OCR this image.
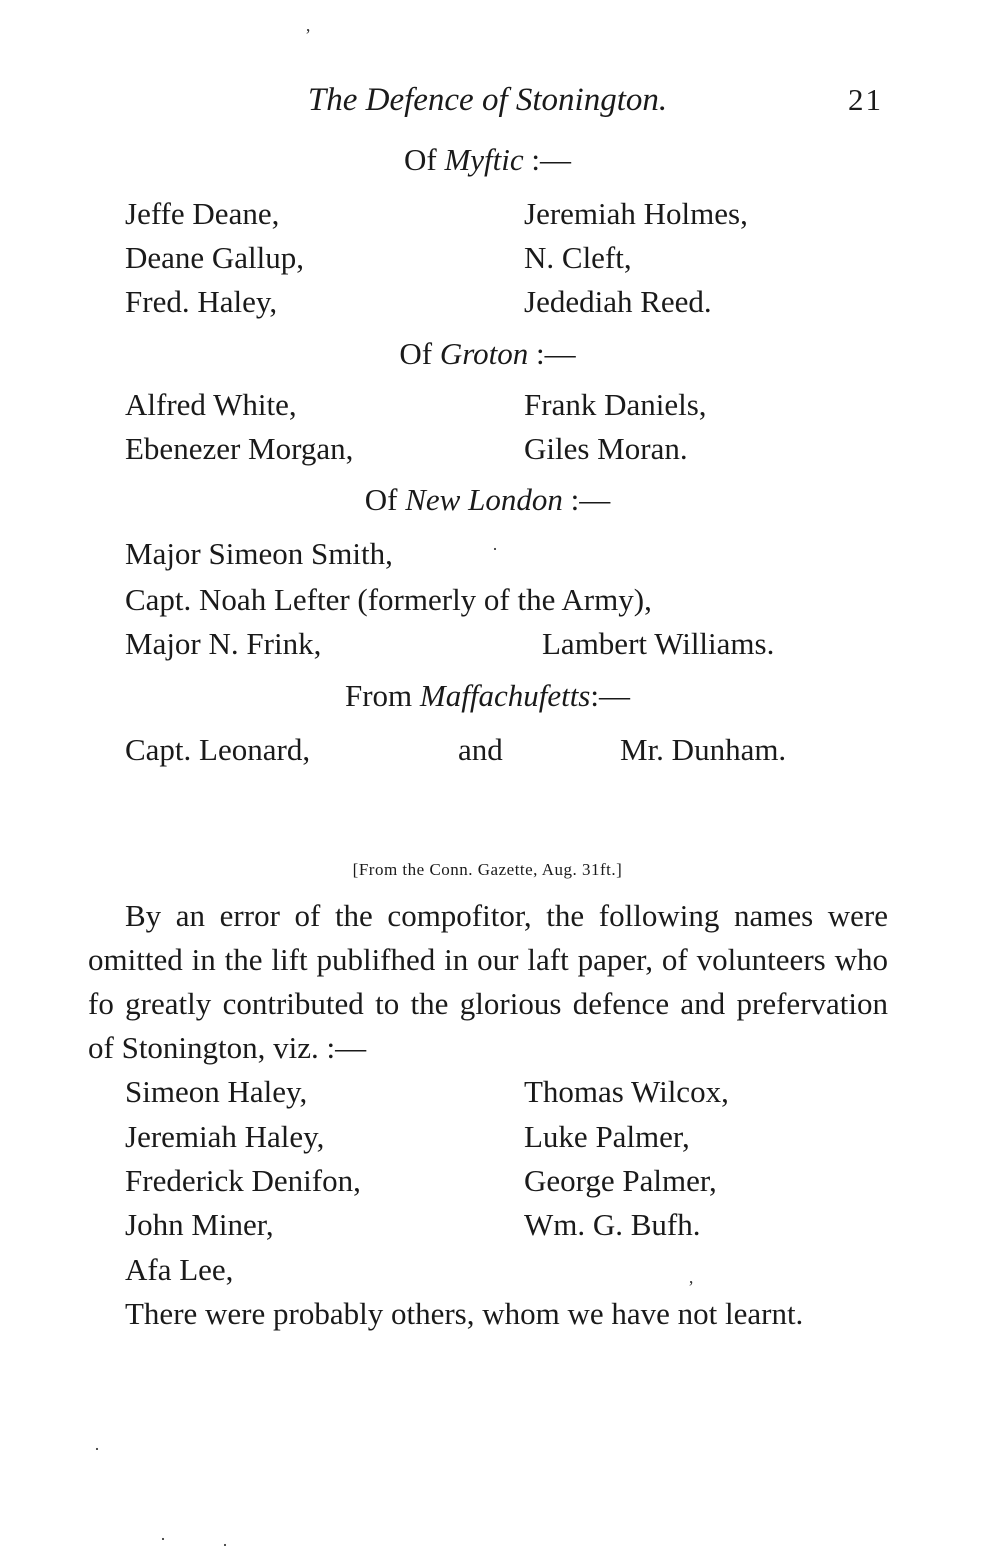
The Defence of Stonington.	21
Of Myftic :—
Jeffe Deane,	Jeremiah Holmes,
Deane Gallup,	N. Cleft,
Fred. Haley,	Jedediah Reed.
Of Groton :—
Alfred White,	Frank Daniels,
Ebenezer Morgan,	Giles Moran.
Of New London :—
Major Simeon Smith,
Capt. Noah Lefter (formerly of the Army),
Major N. Frink,	Lambert Williams.
From Maffachufetts:—
Capt. Leonard,	and	Mr. Dunham.
[From the Conn. Gazette, Aug. 31ft.]

By an error of the compofitor, the following names were omitted in the lift publifhed in our laft paper, of volunteers who fo greatly contributed to the glorious defence and prefervation of Stonington, viz. :—

Simeon Haley,	Thomas Wilcox,
Jeremiah Haley,	Luke Palmer,
Frederick Denifon,	George Palmer,
John Miner,	Wm. G. Bufh.
Afa Lee,

There were probably others, whom we have not learnt.

ʼ
·
ʼ
·
·	·
